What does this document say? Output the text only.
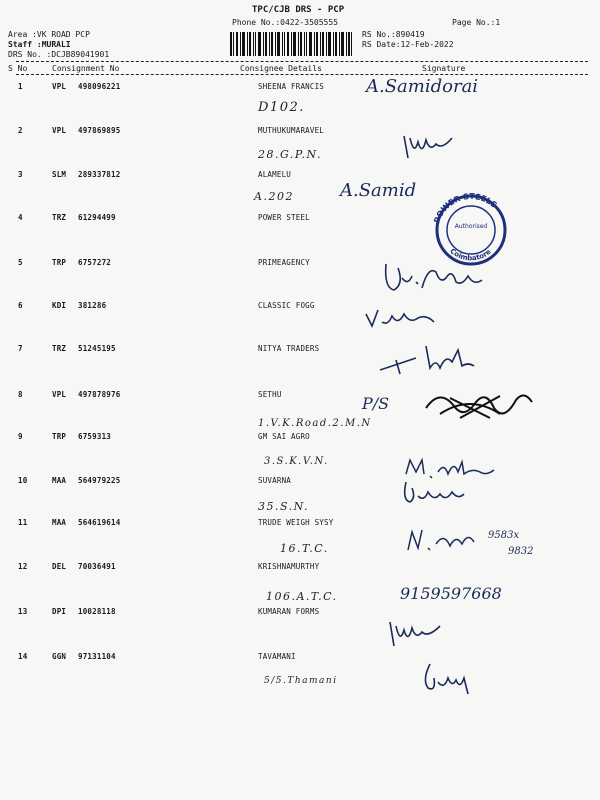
TPC/CJB DRS - PCP
Phone No.:0422-3505555	Page No.:1
Area :VK ROAD PCP
Staff :MURALI
DRS No. :DCJB89041901
RS No.:890419
RS Date:12-Feb-2022
S No	Consignment No	Consignee Details	Signature
1	VPL 498096221	SHEENA FRANCIS
D102.
A.Samidorai
2	VPL 497869895	MUTHUKUMARAVEL
28.G.P.N.
3	SLM 289337812	ALAMELU
A.202	A.Samid
4	TRZ 61294499	POWER STEEL
5	TRP 6757272	PRIMEAGENCY
6	KDI 381286	CLASSIC FOGG
7	TRZ 51245195	NITYA TRADERS
8	VPL 497878976	SETHU
1.V.K.Road.2.M.N
P/S
9	TRP 6759313	GM SAI AGRO
3.S.K.V.N.
10	MAA 564979225	SUVARNA
35.S.N.
11	MAA 564619614	TRUDE WEIGH SYSY
16.T.C.
12	DEL 70036491	KRISHNAMURTHY
106.A.T.C.	9159597668
13	DPI 10028118	KUMARAN FORMS
14	GGN 97131104	TAVAMANI
5/5.Thamani
POWER STEELS
Coimbatore
Authorised
9583x
9832
